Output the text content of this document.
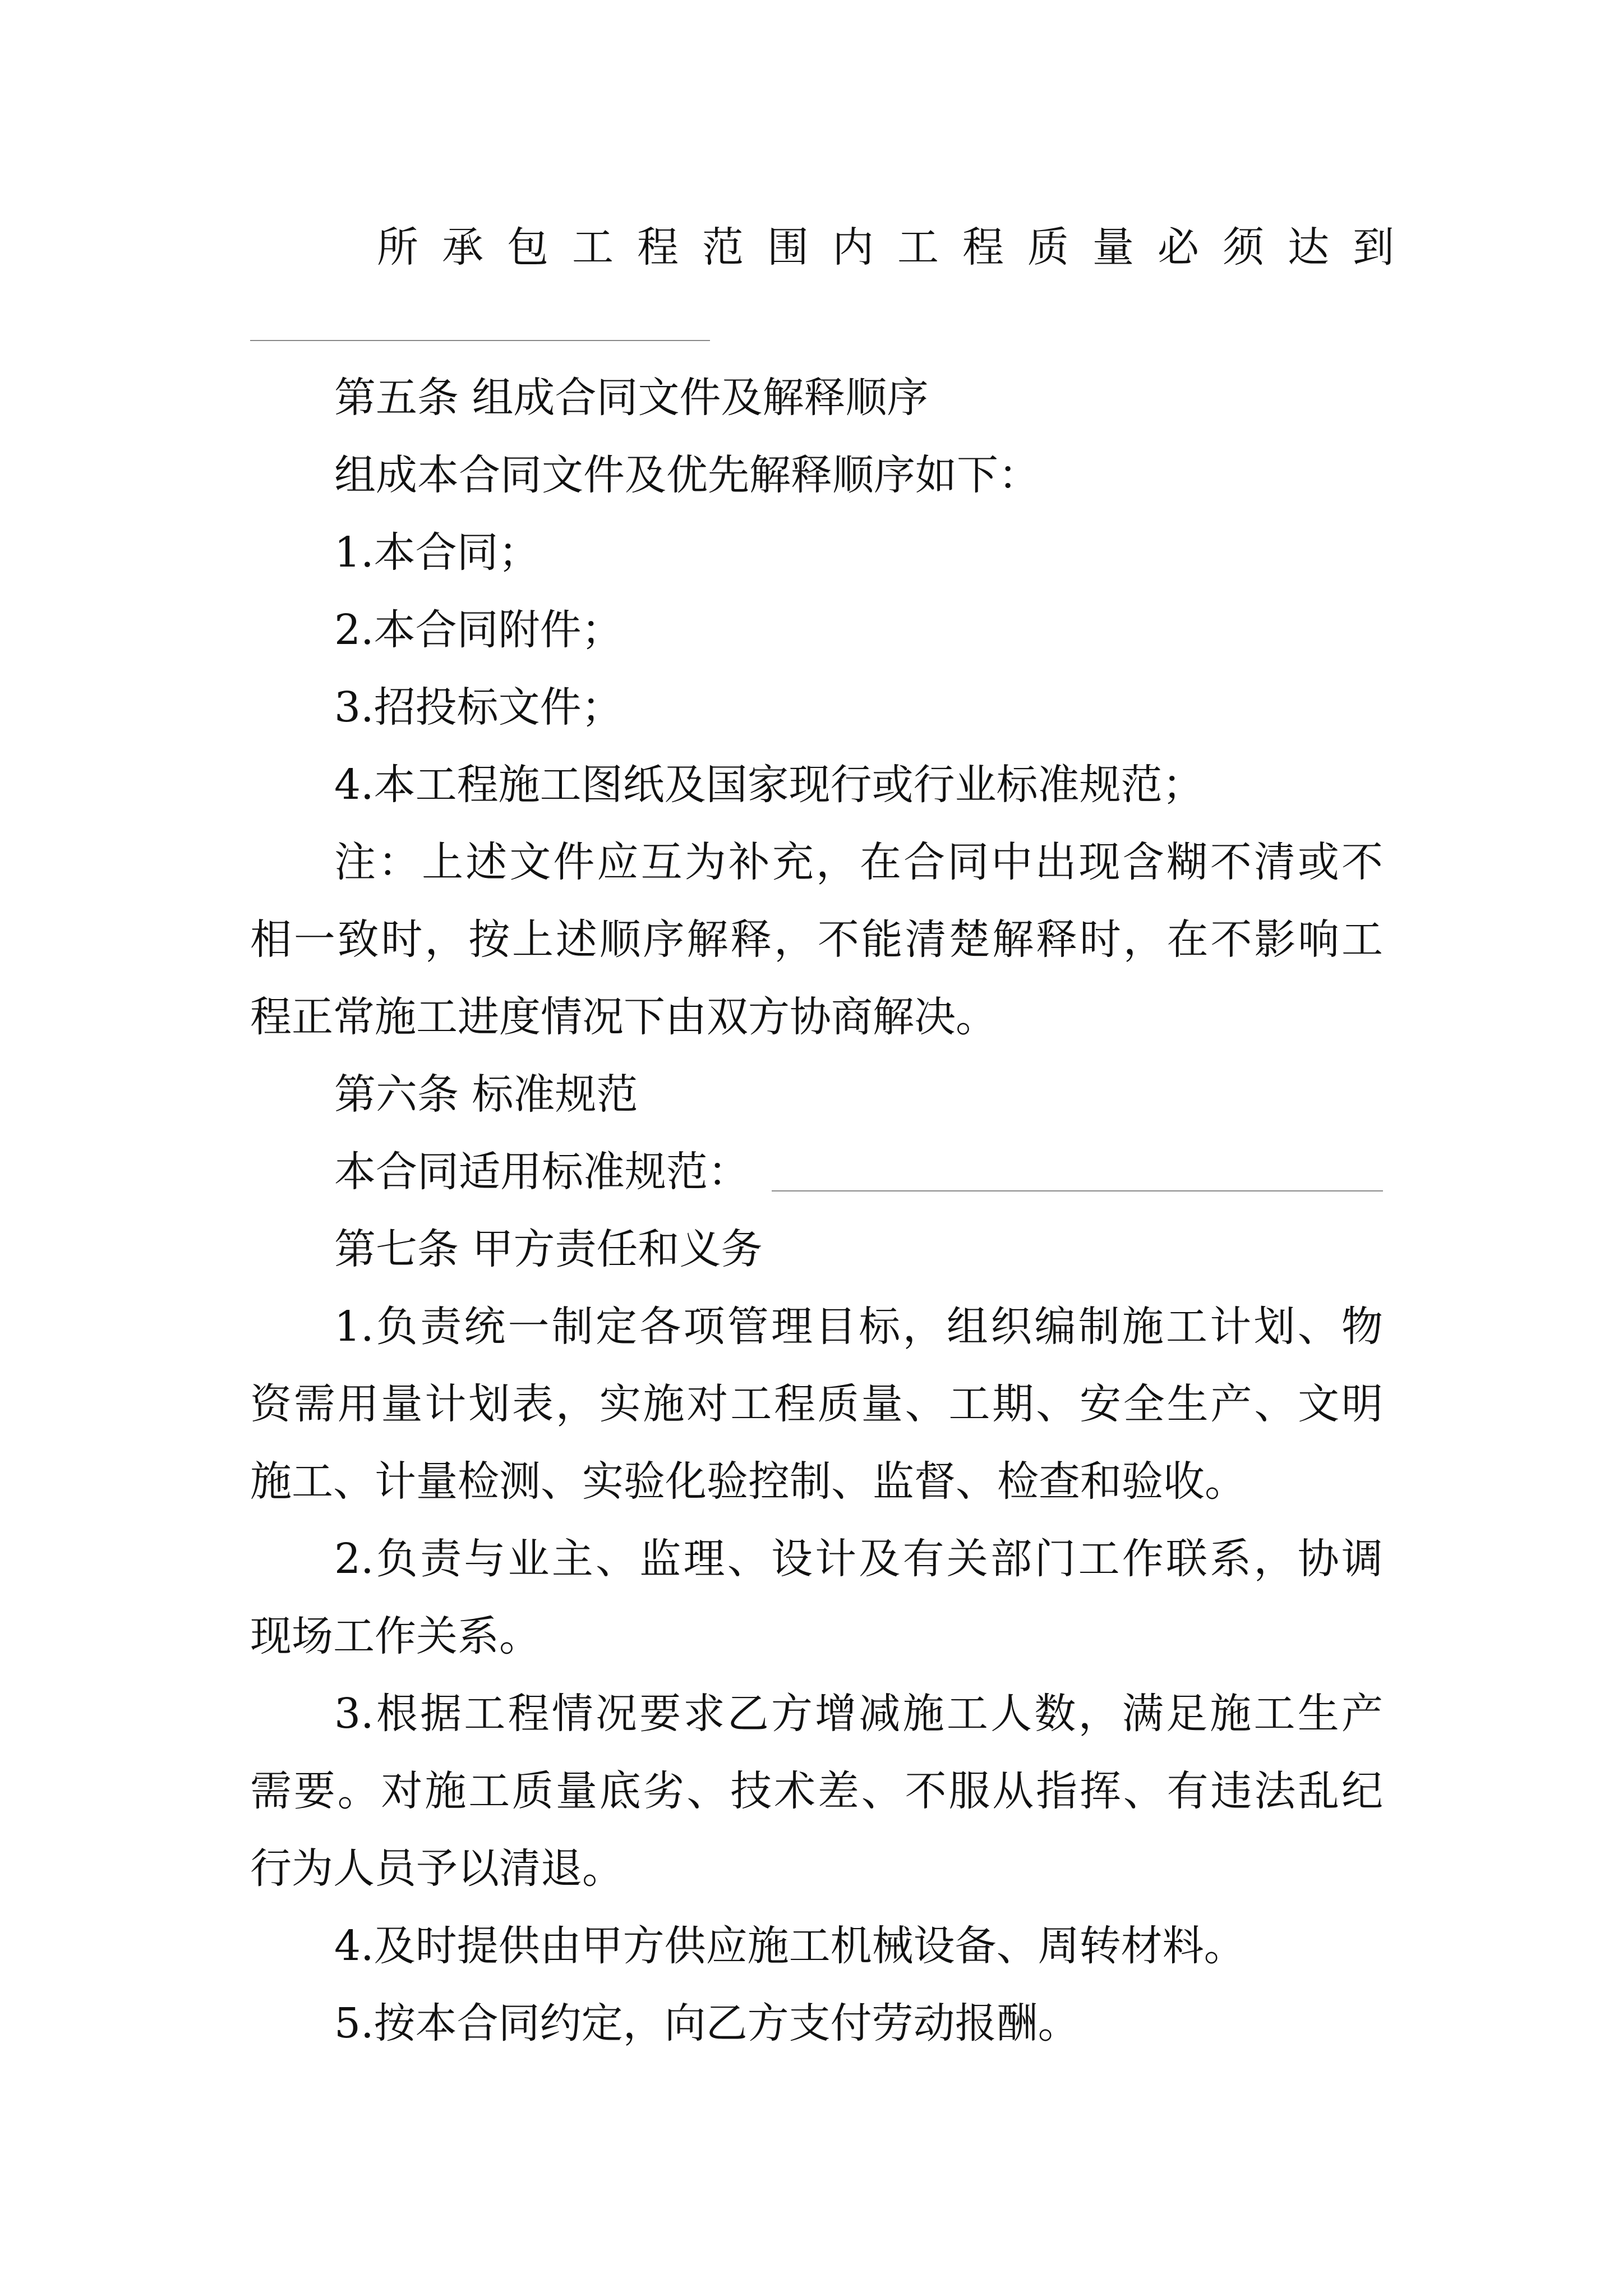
所承包工程范围内工程质量必须达到
第五条 组成合同文件及解释顺序
组成本合同文件及优先解释顺序如下：
1.本合同；
2.本合同附件；
3.招投标文件；
4.本工程施工图纸及国家现行或行业标准规范；
注：上述文件应互为补充，在合同中出现含糊不清或不
相一致时，按上述顺序解释，不能清楚解释时，在不影响工
程正常施工进度情况下由双方协商解决。
第六条 标准规范
本合同适用标准规范：
第七条 甲方责任和义务
1.负责统一制定各项管理目标，组织编制施工计划、物
资需用量计划表，实施对工程质量、工期、安全生产、文明
施工、计量检测、实验化验控制、监督、检查和验收。
2.负责与业主、监理、设计及有关部门工作联系，协调
现场工作关系。
3.根据工程情况要求乙方增减施工人数，满足施工生产
需要。对施工质量底劣、技术差、不服从指挥、有违法乱纪
行为人员予以清退。
4.及时提供由甲方供应施工机械设备、周转材料。
5.按本合同约定，向乙方支付劳动报酬。
